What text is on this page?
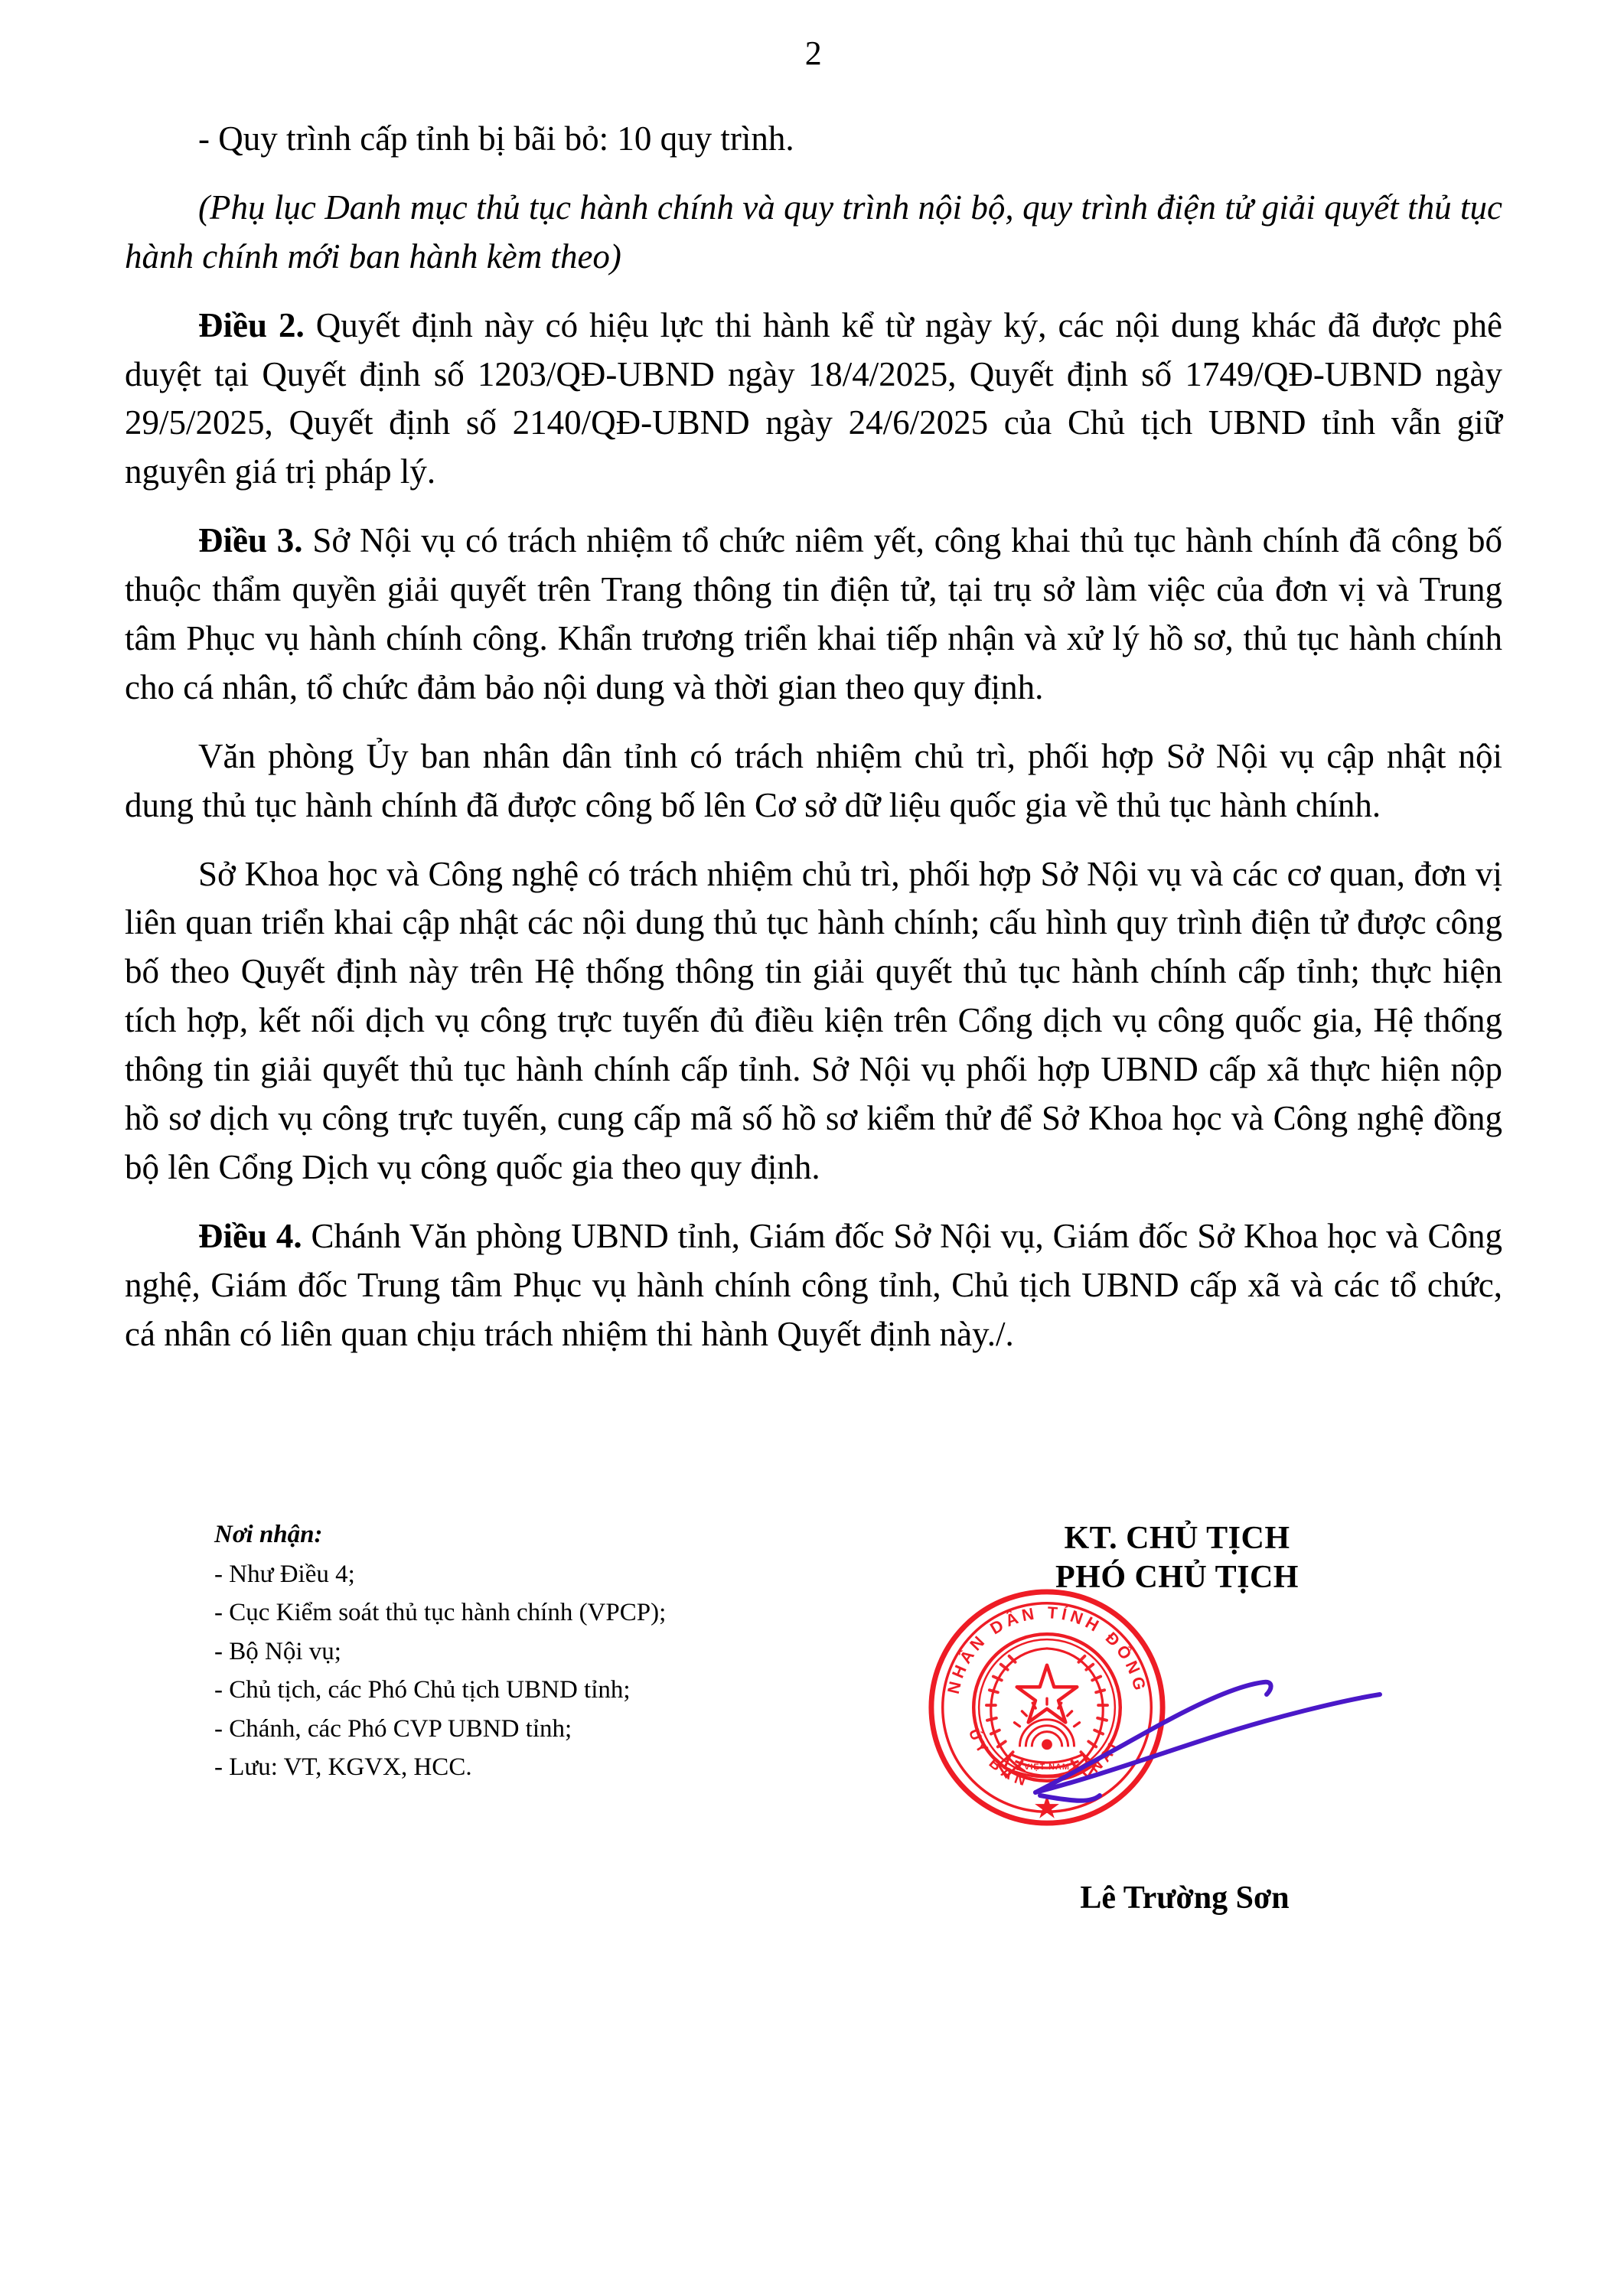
2

- Quy trình cấp tỉnh bị bãi bỏ: 10 quy trình.

(Phụ lục Danh mục thủ tục hành chính và quy trình nội bộ, quy trình điện tử giải quyết thủ tục hành chính mới ban hành kèm theo)

Điều 2. Quyết định này có hiệu lực thi hành kể từ ngày ký, các nội dung khác đã được phê duyệt tại Quyết định số 1203/QĐ-UBND ngày 18/4/2025, Quyết định số 1749/QĐ-UBND ngày 29/5/2025, Quyết định số 2140/QĐ-UBND ngày 24/6/2025 của Chủ tịch UBND tỉnh vẫn giữ nguyên giá trị pháp lý.

Điều 3. Sở Nội vụ có trách nhiệm tổ chức niêm yết, công khai thủ tục hành chính đã công bố thuộc thẩm quyền giải quyết trên Trang thông tin điện tử, tại trụ sở làm việc của đơn vị và Trung tâm Phục vụ hành chính công. Khẩn trương triển khai tiếp nhận và xử lý hồ sơ, thủ tục hành chính cho cá nhân, tổ chức đảm bảo nội dung và thời gian theo quy định.

Văn phòng Ủy ban nhân dân tỉnh có trách nhiệm chủ trì, phối hợp Sở Nội vụ cập nhật nội dung thủ tục hành chính đã được công bố lên Cơ sở dữ liệu quốc gia về thủ tục hành chính.

Sở Khoa học và Công nghệ có trách nhiệm chủ trì, phối hợp Sở Nội vụ và các cơ quan, đơn vị liên quan triển khai cập nhật các nội dung thủ tục hành chính; cấu hình quy trình điện tử được công bố theo Quyết định này trên Hệ thống thông tin giải quyết thủ tục hành chính cấp tỉnh; thực hiện tích hợp, kết nối dịch vụ công trực tuyến đủ điều kiện trên Cổng dịch vụ công quốc gia, Hệ thống thông tin giải quyết thủ tục hành chính cấp tỉnh. Sở Nội vụ phối hợp UBND cấp xã thực hiện nộp hồ sơ dịch vụ công trực tuyến, cung cấp mã số hồ sơ kiểm thử để Sở Khoa học và Công nghệ đồng bộ lên Cổng Dịch vụ công quốc gia theo quy định.

Điều 4. Chánh Văn phòng UBND tỉnh, Giám đốc Sở Nội vụ, Giám đốc Sở Khoa học và Công nghệ, Giám đốc Trung tâm Phục vụ hành chính công tỉnh, Chủ tịch UBND cấp xã và các tổ chức, cá nhân có liên quan chịu trách nhiệm thi hành Quyết định này./.

Nơi nhận:
- Như Điều 4;
- Cục Kiểm soát thủ tục hành chính (VPCP);
- Bộ Nội vụ;
- Chủ tịch, các Phó Chủ tịch UBND tỉnh;
- Chánh, các Phó CVP UBND tỉnh;
- Lưu: VT, KGVX, HCC.
KT. CHỦ TỊCH
PHÓ CHỦ TỊCH
NHÂN DÂN TỈNH ĐỒNG
ỦY BAN
NAI
VIỆT NAM
Lê Trường Sơn
